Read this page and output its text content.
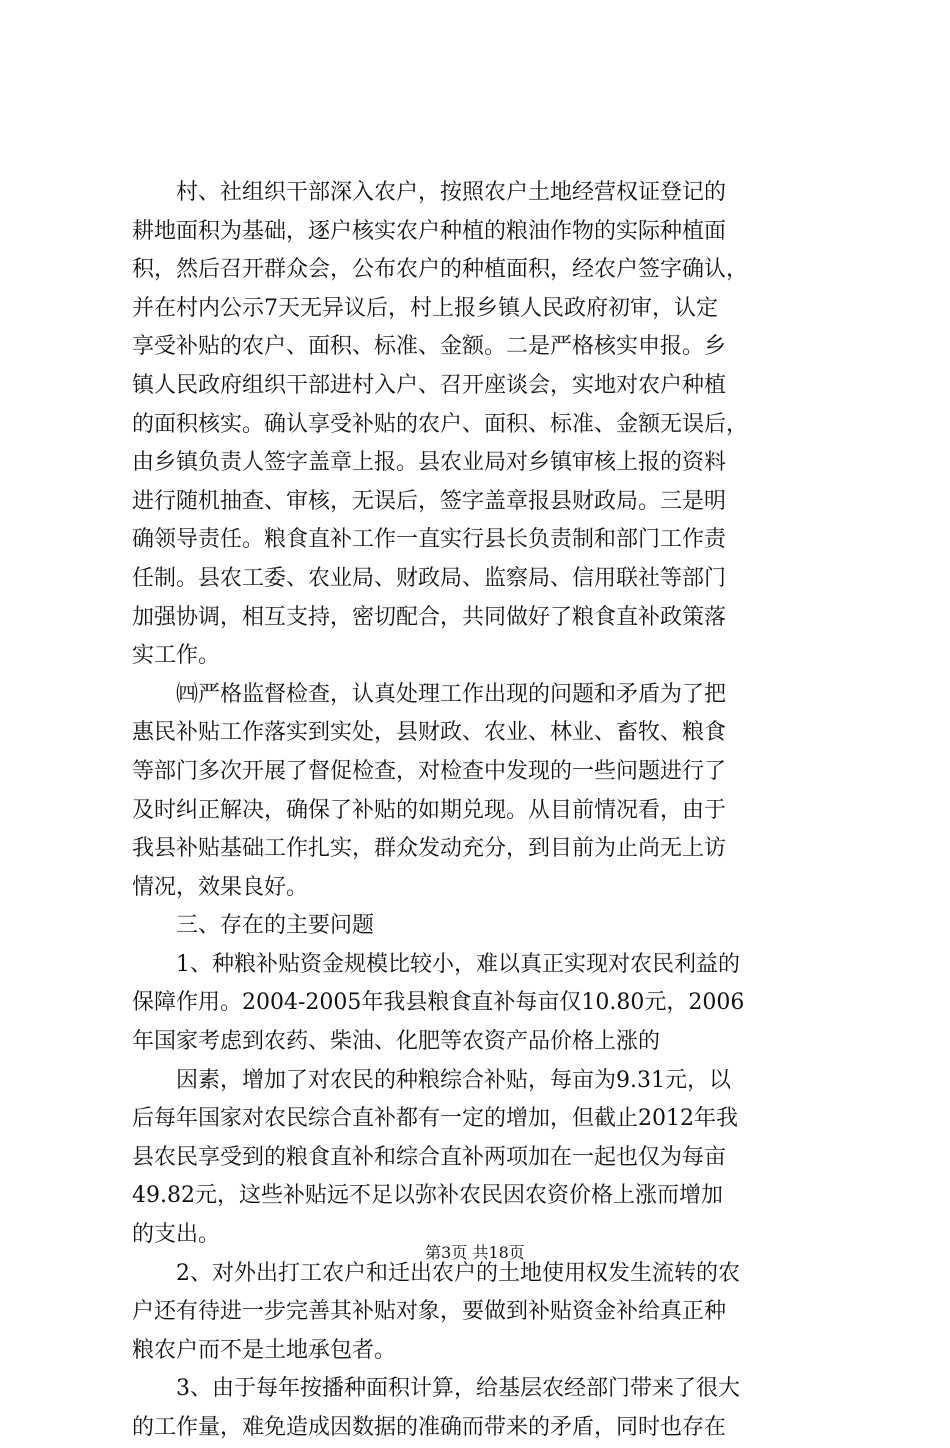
　　村、社组织干部深入农户，按照农户土地经营权证登记的
耕地面积为基础，逐户核实农户种植的粮油作物的实际种植面
积，然后召开群众会，公布农户的种植面积，经农户签字确认，
并在村内公示7天无异议后，村上报乡镇人民政府初审，认定
享受补贴的农户、面积、标准、金额。二是严格核实申报。乡
镇人民政府组织干部进村入户、召开座谈会，实地对农户种植
的面积核实。确认享受补贴的农户、面积、标准、金额无误后，
由乡镇负责人签字盖章上报。县农业局对乡镇审核上报的资料
进行随机抽查、审核，无误后，签字盖章报县财政局。三是明
确领导责任。粮食直补工作一直实行县长负责制和部门工作责
任制。县农工委、农业局、财政局、监察局、信用联社等部门
加强协调，相互支持，密切配合，共同做好了粮食直补政策落
实工作。
　　㈣严格监督检查，认真处理工作出现的问题和矛盾为了把
惠民补贴工作落实到实处，县财政、农业、林业、畜牧、粮食
等部门多次开展了督促检查，对检查中发现的一些问题进行了
及时纠正解决，确保了补贴的如期兑现。从目前情况看，由于
我县补贴基础工作扎实，群众发动充分，到目前为止尚无上访
情况，效果良好。
　　三、存在的主要问题
　　1、种粮补贴资金规模比较小，难以真正实现对农民利益的
保障作用。2004-2005年我县粮食直补每亩仅10.80元，2006
年国家考虑到农药、柴油、化肥等农资产品价格上涨的
　　因素，增加了对农民的种粮综合补贴，每亩为9.31元，以
后每年国家对农民综合直补都有一定的增加，但截止2012年我
县农民享受到的粮食直补和综合直补两项加在一起也仅为每亩
49.82元，这些补贴远不足以弥补农民因农资价格上涨而增加
的支出。
　　2、对外出打工农户和迁出农户的土地使用权发生流转的农
户还有待进一步完善其补贴对象，要做到补贴资金补给真正种
粮农户而不是土地承包者。
　　3、由于每年按播种面积计算，给基层农经部门带来了很大
的工作量，难免造成因数据的准确而带来的矛盾，同时也存在
第3页 共18页
